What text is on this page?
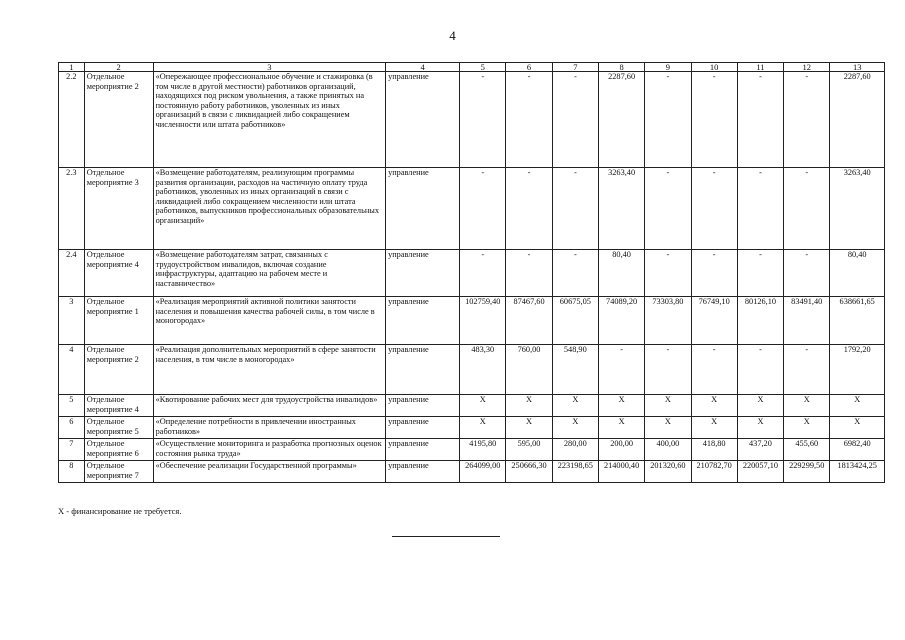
4
1	2	3	4	5	6	7	8	9	10	11	12	13
2.2	Отдельное мероприятие 2	«Опережающее профессиональное обучение и стажировка (в том числе в другой местности) работников организаций, находящихся под риском увольнения, а также принятых на постоянную работу работников, уволенных из иных организаций в связи с ликвидацией либо сокращением численности или штата работников»	управление	-	-	-	2287,60	-	-	-	-	2287,60
2.3	Отдельное мероприятие 3	«Возмещение работодателям, реализующим программы развития организации, расходов на частичную оплату труда работников, уволенных из иных организаций в связи с ликвидацией либо сокращением численности или штата работников, выпускников профессиональных образовательных организаций»	управление	-	-	-	3263,40	-	-	-	-	3263,40
2.4	Отдельное мероприятие 4	«Возмещение работодателям затрат, связанных с трудоустройством инвалидов, включая создание инфраструктуры, адаптацию на рабочем месте и наставничество»	управление	-	-	-	80,40	-	-	-	-	80,40
3	Отдельное мероприятие 1	«Реализация мероприятий активной политики занятости населения и повышения качества рабочей силы, в том числе в моногородах»	управление	102759,40	87467,60	60675,05	74089,20	73303,80	76749,10	80126,10	83491,40	638661,65
4	Отдельное мероприятие 2	«Реализация дополнительных мероприятий в сфере занятости населения, в том числе в моногородах»	управление	483,30	760,00	548,90	-	-	-	-	-	1792,20
5	Отдельное мероприятие 4	«Квотирование рабочих мест для трудоустройства инвалидов»	управление	X	X	X	X	X	X	X	X	X
6	Отдельное мероприятие 5	«Определение потребности в привлечении иностранных работников»	управление	X	X	X	X	X	X	X	X	X
7	Отдельное мероприятие 6	«Осуществление мониторинга и разработка прогнозных оценок состояния рынка труда»	управление	4195,80	595,00	280,00	200,00	400,00	418,80	437,20	455,60	6982,40
8	Отдельное мероприятие 7	«Обеспечение реализации Государственной программы»	управление	264099,00	250666,30	223198,65	214000,40	201320,60	210782,70	220057,10	229299,50	1813424,25
X - финансирование не требуется.
